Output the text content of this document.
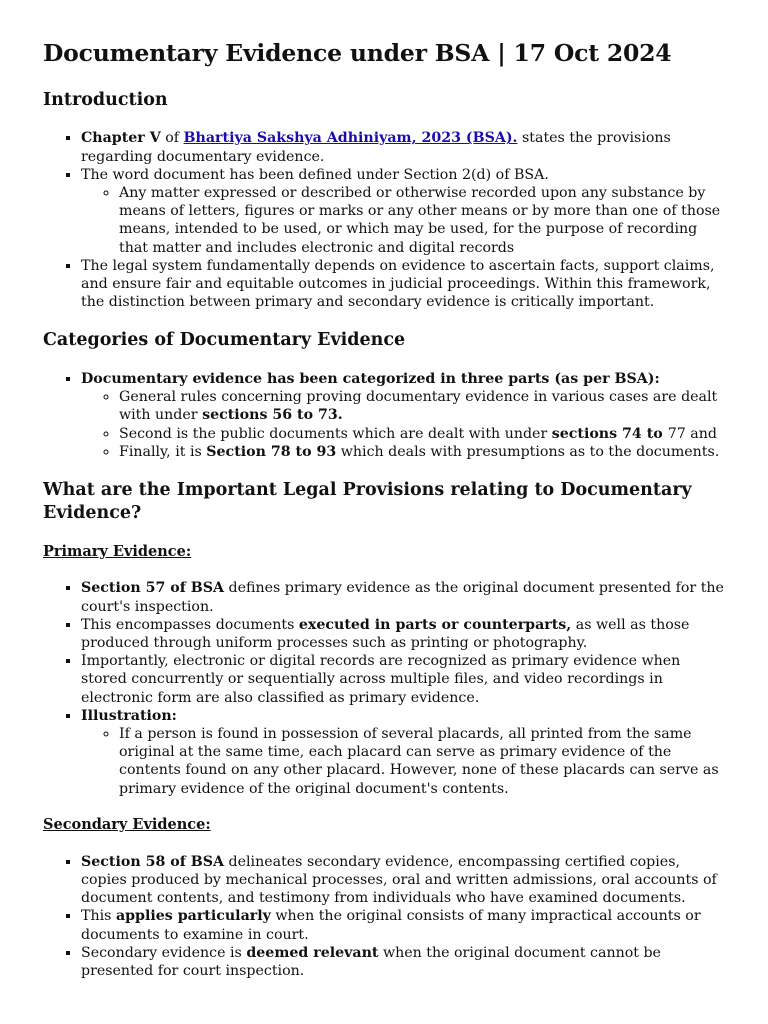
Documentary Evidence under BSA | 17 Oct 2024
Introduction
▪ Chapter V of Bhartiya Sakshya Adhiniyam, 2023 (BSA). states the provisions regarding documentary evidence.
▪ The word document has been defined under Section 2(d) of BSA.
◦ Any matter expressed or described or otherwise recorded upon any substance by means of letters, figures or marks or any other means or by more than one of those means, intended to be used, or which may be used, for the purpose of recording that matter and includes electronic and digital records
▪ The legal system fundamentally depends on evidence to ascertain facts, support claims, and ensure fair and equitable outcomes in judicial proceedings. Within this framework, the distinction between primary and secondary evidence is critically important.
Categories of Documentary Evidence
▪ Documentary evidence has been categorized in three parts (as per BSA):
◦ General rules concerning proving documentary evidence in various cases are dealt with under sections 56 to 73.
◦ Second is the public documents which are dealt with under sections 74 to 77 and
◦ Finally, it is Section 78 to 93 which deals with presumptions as to the documents.
What are the Important Legal Provisions relating to Documentary Evidence?
Primary Evidence:
▪ Section 57 of BSA defines primary evidence as the original document presented for the court's inspection.
▪ This encompasses documents executed in parts or counterparts, as well as those produced through uniform processes such as printing or photography.
▪ Importantly, electronic or digital records are recognized as primary evidence when stored concurrently or sequentially across multiple files, and video recordings in electronic form are also classified as primary evidence.
▪ Illustration:
◦ If a person is found in possession of several placards, all printed from the same original at the same time, each placard can serve as primary evidence of the contents found on any other placard. However, none of these placards can serve as primary evidence of the original document's contents.
Secondary Evidence:
▪ Section 58 of BSA delineates secondary evidence, encompassing certified copies, copies produced by mechanical processes, oral and written admissions, oral accounts of document contents, and testimony from individuals who have examined documents.
▪ This applies particularly when the original consists of many impractical accounts or documents to examine in court.
▪ Secondary evidence is deemed relevant when the original document cannot be presented for court inspection.
